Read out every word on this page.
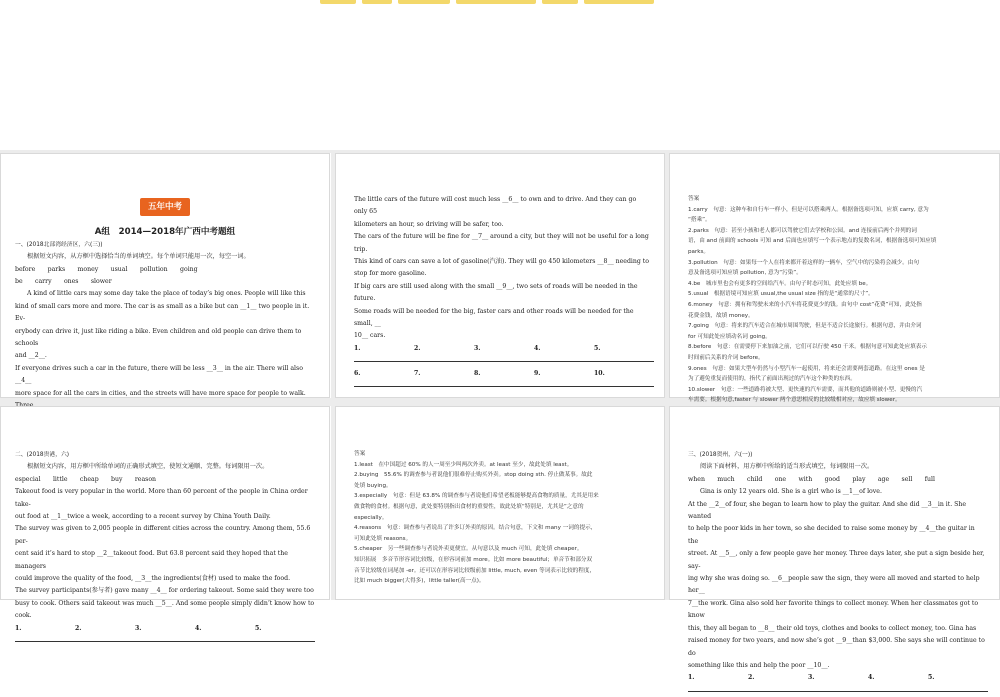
五年中考
A组　2014—2018年广西中考题组
一、(2018北部湾经济区，六(三))
根据短文内容，从方框中选择恰当的单词填空。每个单词只能用一次，每空一词。
before　　parks　　money　　usual　　pollution　　going
be　　carry　　ones　　slower
A kind of little cars may some day take the place of today’s big ones. People will like this
kind of small cars more and more. The car is as small as a bike but can __1__ two people in it. Ev-
erybody can drive it, just like riding a bike. Even children and old people can drive them to schools
and __2__.
If everyone drives such a car in the future, there will be less __3__ in the air. There will also __4__
more space for all the cars in cities, and the streets will have more space for people to walk.
The little cars of the future will cost much less __6__ to own and to drive. And they can go only 65
kilometers an hour, so driving will be safer, too.
The cars of the future will be fine for __7__ around a city, but they will not be useful for a long
trip.
This kind of cars can save a lot of gasoline(汽油). They will go 450 kilometers __8__ needing to
stop for more gasoline.
If big cars are still used along with the small __9__, two sets of roads will be needed in the future.
Some roads will be needed for the big, faster cars and other roads will be needed for the small, __
10__ cars.
1.	2.	3.	4.	5.
6.	7.	8.	9.	10.
答案
1.carry　句意：这种车和自行车一样小，但是可以搭乘两人。根据备选项可知，应填 carry, 意为
“搭乘”。
2.parks　句意：甚至小孩和老人都可以驾驶它们去学校和公园。and 连接前后两个并列的词
语，由 and 前面的 schools 可知 and 后面也应填写一个表示地点的复数名词，根据备选项可知应填
parks。
3.pollution　句意：如果每一个人在将来都开着这样的一辆车，空气中的污染将会减少。由句
意及备选项可知应填 pollution, 意为“污染”。
4.be　城市里也会有更多的空间给汽车。由句子时态可知，此处应填 be。
5.usual　根据语境可知应填 usual,the usual size 指的是“通常的尺寸”。
6.money　句意：拥有和驾驶未来的小汽车将花费更少的钱。由句中 cost“花费”可知，此处指
花费金钱，故填 money。
7.going　句意：将来的汽车适合在城市周围驾驶，但是不适合长途旅行。根据句意，并由介词
for 可知此处应填动名词 going。
8.before　句意：在需要停下来加油之前，它们可以行驶 450 千米。根据句意可知此处应填表示
时间前后关系的介词 before。
9.ones　句意：如果大型车仍然与小型汽车一起使用，将来还会需要两套道路。在这里 ones 是
为了避免重复而使用的，指代了前面出现过的汽车这个种类的东西。
10.slower　句意：一些道路将被大型、更快速的汽车需要，而其他的道路则被小型、更慢的汽
车需要。根据句意,faster 与 slower 两个意思相反的比较级相对应，故应填 slower。
二、(2018贵港，六)
根据短文内容，用方框中所给单词的正确形式填空，使短文通顺、完整。每词限用一次。
especial　　little　　cheap　　buy　　reason
Takeout food is very popular in the world. More than 60 percent of the people in China order take-
out food at __1__twice a week, according to a recent survey by China Youth Daily.
The survey was given to 2,005 people in different cities across the country. Among them, 55.6 per-
cent said it’s hard to stop __2__takeout food. But 63.8 percent said they hoped that the managers
could improve the quality of the food, __3__the ingredients(食材) used to make the food.
The survey participants(参与者) gave many __4__ for ordering takeout. Some said they were too
busy to cook. Others said takeout was much __5__. And some people simply didn’t know how to
cook.
1.	2.	3.	4.	5.
答案
1.least　在中国超过 60% 的人一周至少叫两次外卖。at least 至少，故此处填 least。
2.buying　55.6% 的调查参与者说他们很难停止购买外卖。stop doing sth. 停止做某事。故此
处填 buying。
3.especially　句意：但是 63.8% 的调查参与者说他们希望老板能够提高食物的质量，尤其是用来
做食物的食材。根据句意，此处要特别指出食材的重要性，故此处填“特别是，尤其是”之意的
especially。
4.reasons　句意：调查参与者说出了许多订外卖的原因。结合句意，下文和 many 一词的提示，
可知此处填 reasons。
5.cheaper　另一些调查参与者说外卖更便宜。从句意以及 much 可知，此处填 cheaper。
知识拓展　多音节形容词比较级，在形容词前加 more。比如 more beautiful；单音节和部分双
音节比较级在词尾加 -er。还可以在形容词比较级前加 little, much, even 等词表示比较的程度，
比如 much bigger(大得多)，little taller(高一点)。
三、(2018贺州，六(一))
阅读下面材料，用方框中所给的适当形式填空，每词限用一次。
when　　much　　child　　one　　with　　good　　play　　age　　sell　　full
Gina is only 12 years old. She is a girl who is __1__of love.
At the __2__of four, she began to learn how to play the guitar. And she did __3__in it. She wanted
to help the poor kids in her town, so she decided to raise some money by __4__the guitar in the
street. At __5__, only a few people gave her money. Three days later, she put a sign beside her, say-
ing why she was doing so. __6__people saw the sign, they were all moved and started to help her__
7__the work. Gina also sold her favorite things to collect money. When her classmates got to know
this, they all began to __8__ their old toys, clothes and books to collect money, too. Gina has
raised money for two years, and now she’s got __9__than $3,000. She says she will continue to do
something like this and help the poor __10__.
1.	2.	3.	4.	5.
